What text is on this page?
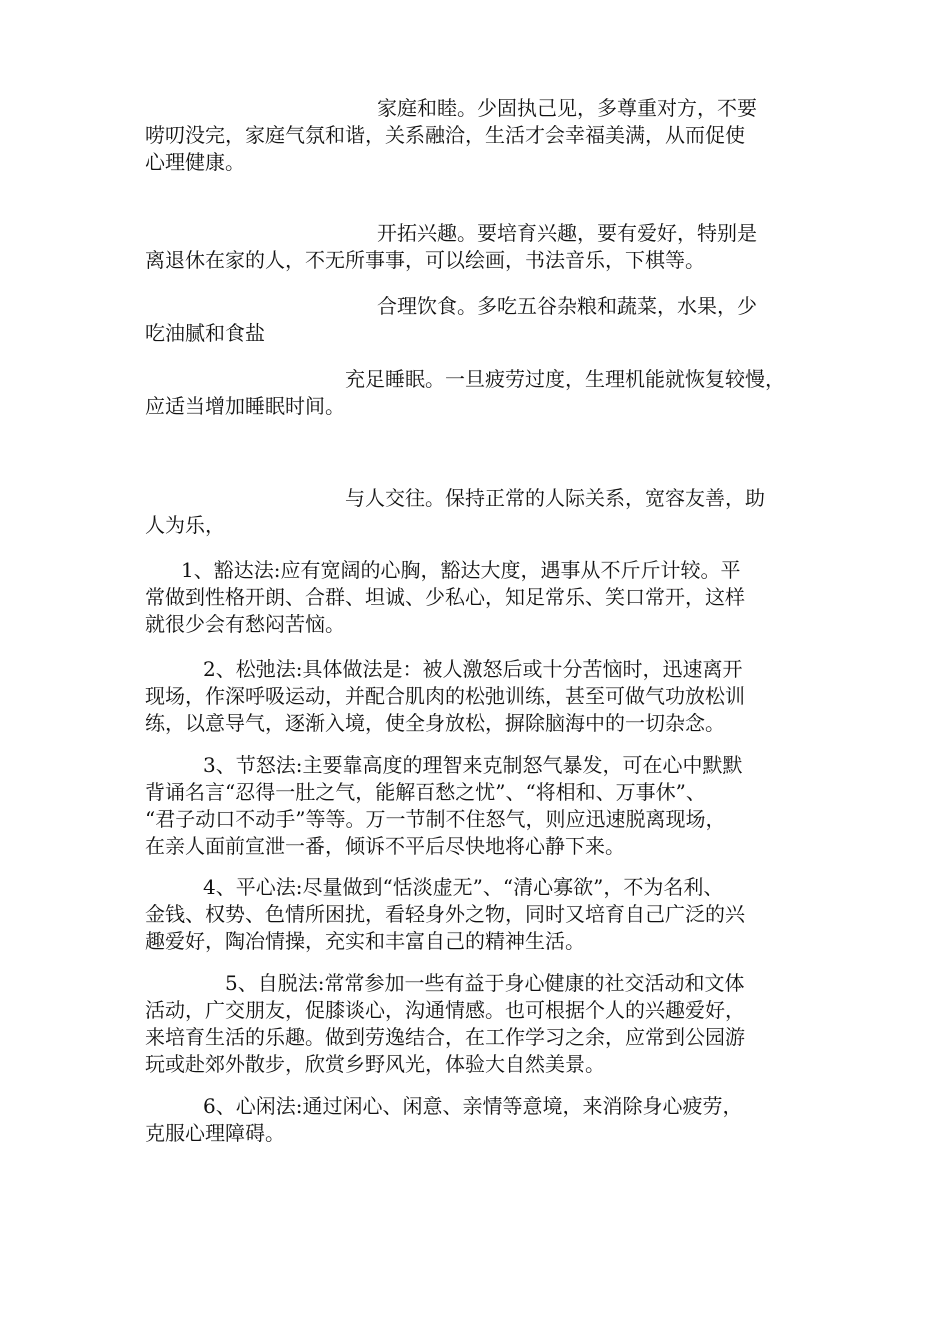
家庭和睦。少固执己见，多尊重对方，不要
唠叨没完，家庭气氛和谐，关系融洽，生活才会幸福美满，从而促使
心理健康。
开拓兴趣。要培育兴趣，要有爱好，特别是
离退休在家的人，不无所事事，可以绘画，书法音乐，下棋等。
合理饮食。多吃五谷杂粮和蔬菜，水果，少
吃油腻和食盐
充足睡眠。一旦疲劳过度，生理机能就恢复较慢，
应适当增加睡眠时间。
与人交往。保持正常的人际关系，宽容友善，助
人为乐，
1、豁达法:应有宽阔的心胸，豁达大度，遇事从不斤斤计较。平
常做到性格开朗、合群、坦诚、少私心，知足常乐、笑口常开，这样
就很少会有愁闷苦恼。
2、松弛法:具体做法是：被人激怒后或十分苦恼时，迅速离开
现场，作深呼吸运动，并配合肌肉的松弛训练，甚至可做气功放松训
练，以意导气，逐渐入境，使全身放松，摒除脑海中的一切杂念。
3、节怒法:主要靠高度的理智来克制怒气暴发，可在心中默默
背诵名言“忍得一肚之气，能解百愁之忧”、“将相和、万事休”、
“君子动口不动手”等等。万一节制不住怒气，则应迅速脱离现场，
在亲人面前宣泄一番，倾诉不平后尽快地将心静下来。
4、平心法:尽量做到“恬淡虚无”、“清心寡欲”，不为名利、
金钱、权势、色情所困扰，看轻身外之物，同时又培育自己广泛的兴
趣爱好，陶冶情操，充实和丰富自己的精神生活。
5、自脱法:常常参加一些有益于身心健康的社交活动和文体
活动，广交朋友，促膝谈心，沟通情感。也可根据个人的兴趣爱好，
来培育生活的乐趣。做到劳逸结合，在工作学习之余，应常到公园游
玩或赴郊外散步，欣赏乡野风光，体验大自然美景。
6、心闲法:通过闲心、闲意、亲情等意境，来消除身心疲劳，
克服心理障碍。
